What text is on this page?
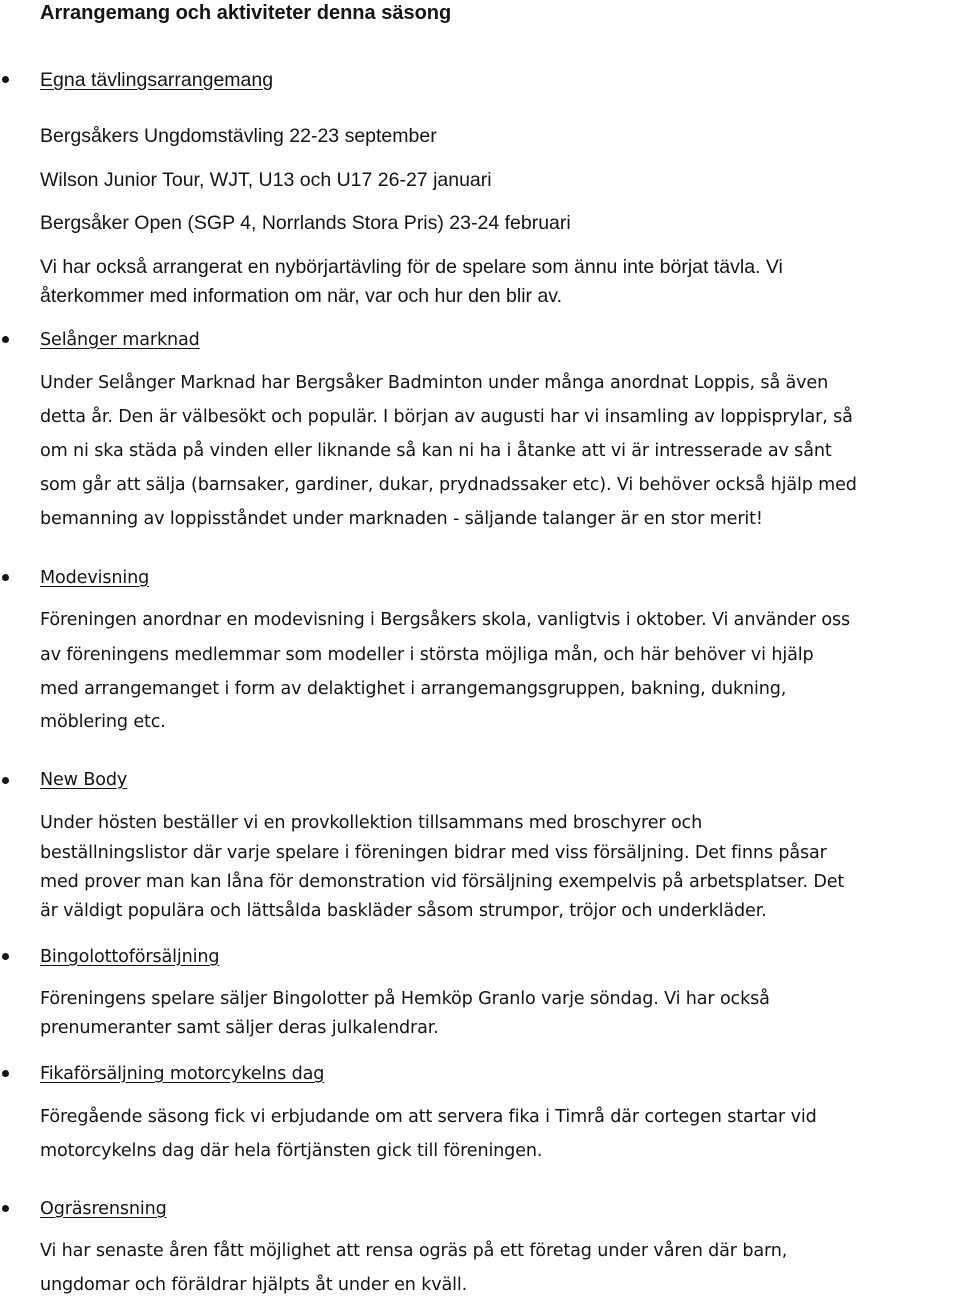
Arrangemang och aktiviteter denna säsong
Egna tävlingsarrangemang
Bergsåkers Ungdomstävling 22-23 september
Wilson Junior Tour, WJT, U13 och U17 26-27 januari
Bergsåker Open (SGP 4, Norrlands Stora Pris) 23-24 februari
Vi har också arrangerat en nybörjartävling för de spelare som ännu inte börjat tävla. Vi
återkommer med information om när, var och hur den blir av.
Selånger marknad
Under Selånger Marknad har Bergsåker Badminton under många anordnat Loppis, så även
detta år. Den är välbesökt och populär. I början av augusti har vi insamling av loppisprylar, så
om ni ska städa på vinden eller liknande så kan ni ha i åtanke att vi är intresserade av sånt
som går att sälja (barnsaker, gardiner, dukar, prydnadssaker etc). Vi behöver också hjälp med
bemanning av loppisståndet under marknaden - säljande talanger är en stor merit!
Modevisning
Föreningen anordnar en modevisning i Bergsåkers skola, vanligtvis i oktober. Vi använder oss
av föreningens medlemmar som modeller i största möjliga mån, och här behöver vi hjälp
med arrangemanget i form av delaktighet i arrangemangsgruppen, bakning, dukning,
möblering etc.
New Body
Under hösten beställer vi en provkollektion tillsammans med broschyrer och
beställningslistor där varje spelare i föreningen bidrar med viss försäljning. Det finns påsar
med prover man kan låna för demonstration vid försäljning exempelvis på arbetsplatser. Det
är väldigt populära och lättsålda baskläder såsom strumpor, tröjor och underkläder.
Bingolottoförsäljning
Föreningens spelare säljer Bingolotter på Hemköp Granlo varje söndag. Vi har också
prenumeranter samt säljer deras julkalendrar.
Fikaförsäljning motorcykelns dag
Föregående säsong fick vi erbjudande om att servera fika i Timrå där cortegen startar vid
motorcykelns dag där hela förtjänsten gick till föreningen.
Ogräsrensning
Vi har senaste åren fått möjlighet att rensa ogräs på ett företag under våren där barn,
ungdomar och föräldrar hjälpts åt under en kväll.
